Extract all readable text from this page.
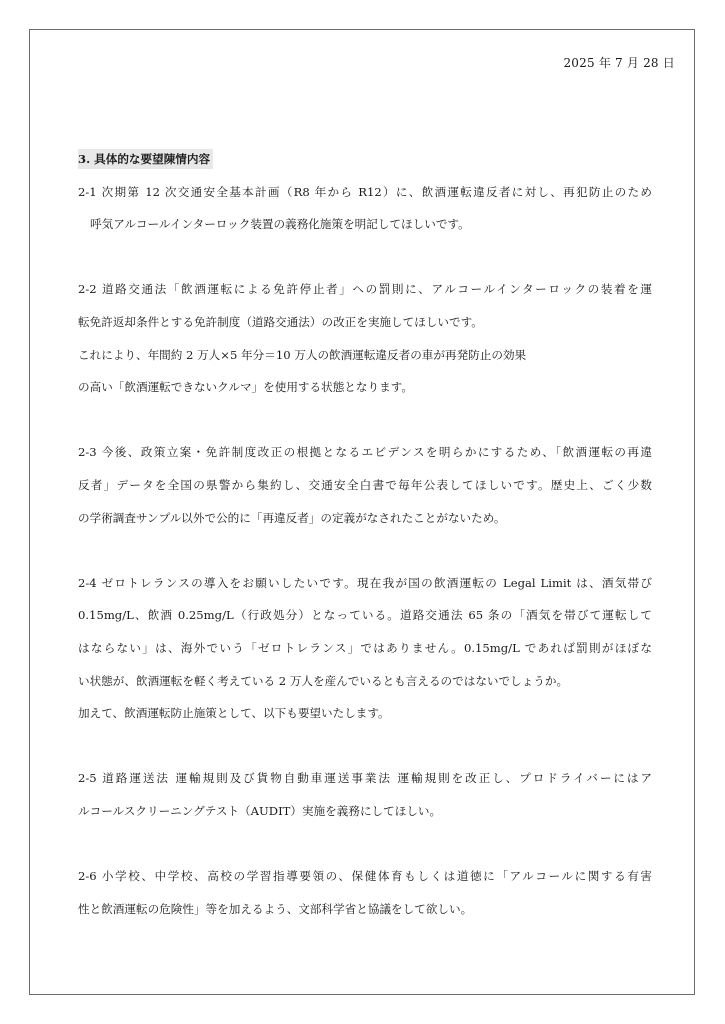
2025 年 7 月 28 日
3. 具体的な要望陳情内容
2-1 次期第 12 次交通安全基本計画（R8 年から R12）に、飲酒運転違反者に対し、再犯防止のため
呼気アルコールインターロック装置の義務化施策を明記してほしいです。
2-2 道路交通法「飲酒運転による免許停止者」への罰則に、アルコールインターロックの装着を運
転免許返却条件とする免許制度（道路交通法）の改正を実施してほしいです。
これにより、年間約 2 万人×5 年分＝10 万人の飲酒運転違反者の車が再発防止の効果
の高い「飲酒運転できないクルマ」を使用する状態となります。
2-3 今後、政策立案・免許制度改正の根拠となるエビデンスを明らかにするため、「飲酒運転の再違
反者」データを全国の県警から集約し、交通安全白書で毎年公表してほしいです。歴史上、ごく少数
の学術調査サンプル以外で公的に「再違反者」の定義がなされたことがないため。
2-4 ゼロトレランスの導入をお願いしたいです。現在我が国の飲酒運転の Legal Limit は、酒気帯び
0.15mg/L、飲酒 0.25mg/L（行政処分）となっている。道路交通法 65 条の「酒気を帯びて運転して
はならない」は、海外でいう「ゼロトレランス」ではありません。0.15mg/L であれば罰則がほぼな
い状態が、飲酒運転を軽く考えている 2 万人を産んでいるとも言えるのではないでしょうか。
加えて、飲酒運転防止施策として、以下も要望いたします。
2-5 道路運送法 運輸規則及び貨物自動車運送事業法 運輸規則を改正し、プロドライバーにはア
ルコールスクリーニングテスト（AUDIT）実施を義務にしてほしい。
2-6 小学校、中学校、高校の学習指導要領の、保健体育もしくは道徳に「アルコールに関する有害
性と飲酒運転の危険性」等を加えるよう、文部科学省と協議をして欲しい。
